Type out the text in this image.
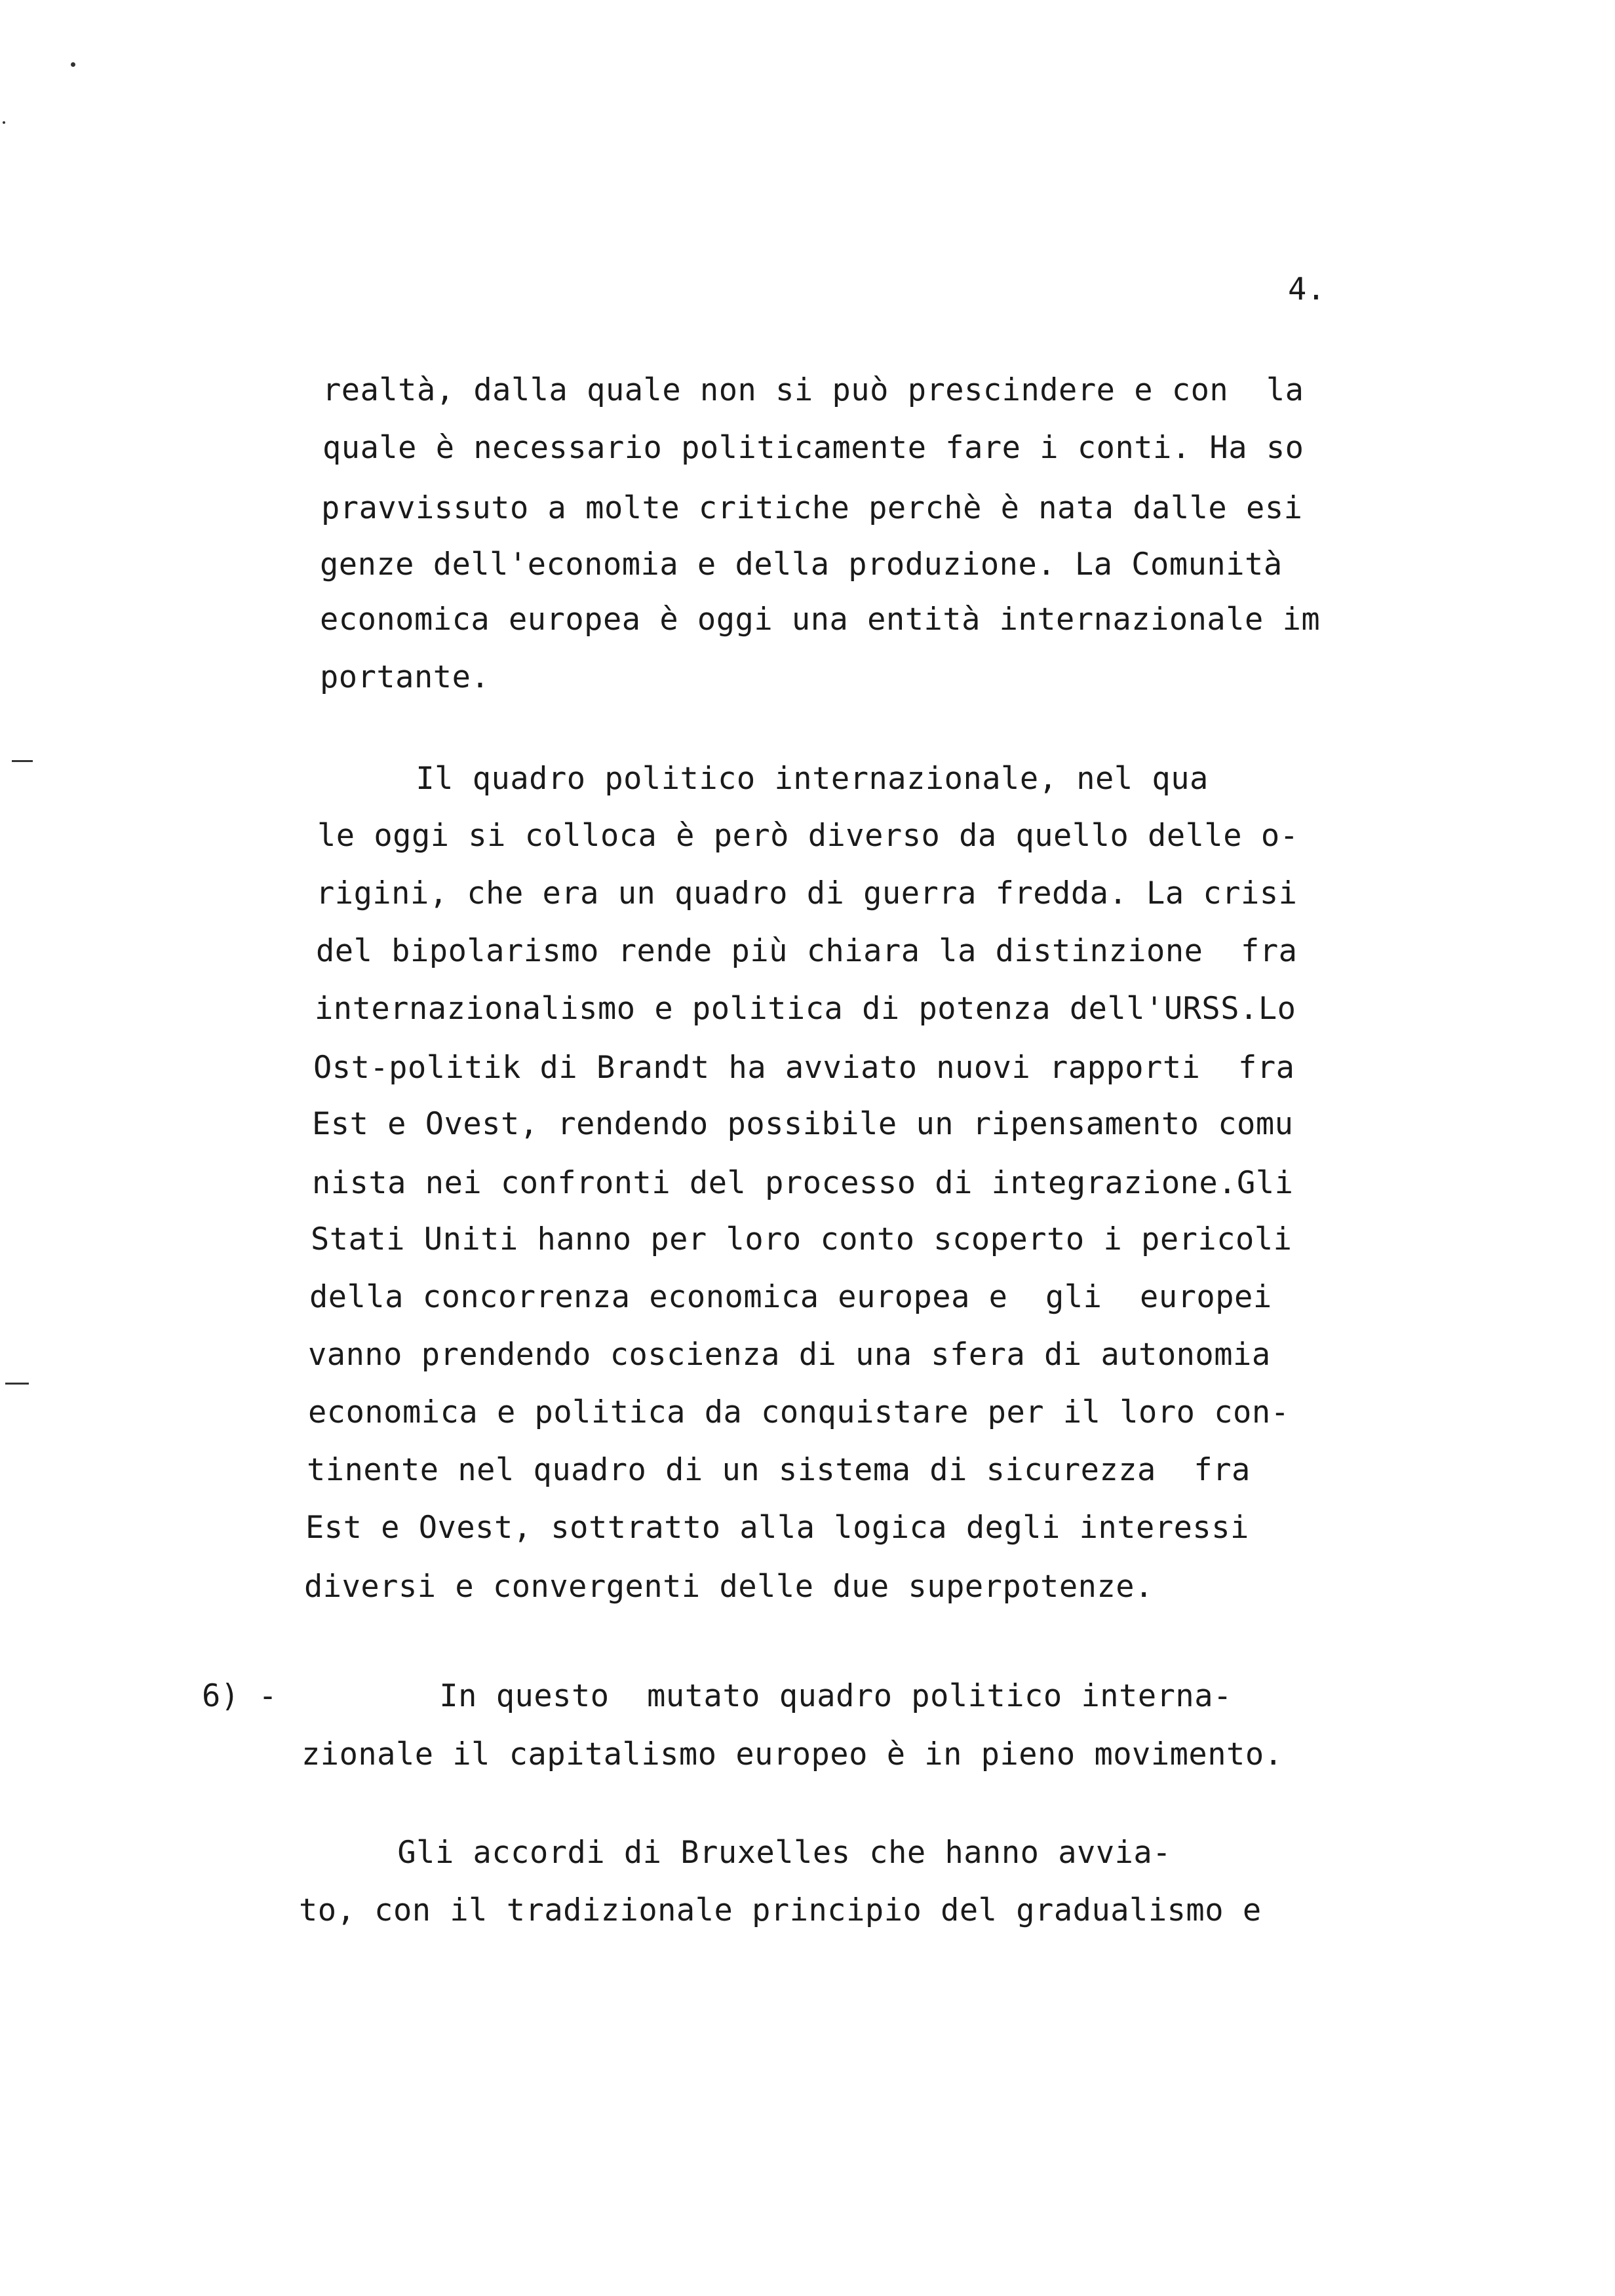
4.
realtà, dalla quale non si può prescindere e con  la
quale è necessario politicamente fare i conti. Ha so
pravvissuto a molte critiche perchè è nata dalle esi
genze dell'economia e della produzione. La Comunità
economica europea è oggi una entità internazionale im
portante.
Il quadro politico internazionale, nel qua
le oggi si colloca è però diverso da quello delle o-
rigini, che era un quadro di guerra fredda. La crisi
del bipolarismo rende più chiara la distinzione  fra
internazionalismo e politica di potenza dell'URSS.Lo
Ost-politik di Brandt ha avviato nuovi rapporti  fra
Est e Ovest, rendendo possibile un ripensamento comu
nista nei confronti del processo di integrazione.Gli
Stati Uniti hanno per loro conto scoperto i pericoli
della concorrenza economica europea e  gli  europei
vanno prendendo coscienza di una sfera di autonomia
economica e politica da conquistare per il loro con-
tinente nel quadro di un sistema di sicurezza  fra
Est e Ovest, sottratto alla logica degli interessi
diversi e convergenti delle due superpotenze.
6) - In questo  mutato quadro politico interna-
zionale il capitalismo europeo è in pieno movimento.
Gli accordi di Bruxelles che hanno avvia-
to, con il tradizionale principio del gradualismo e
